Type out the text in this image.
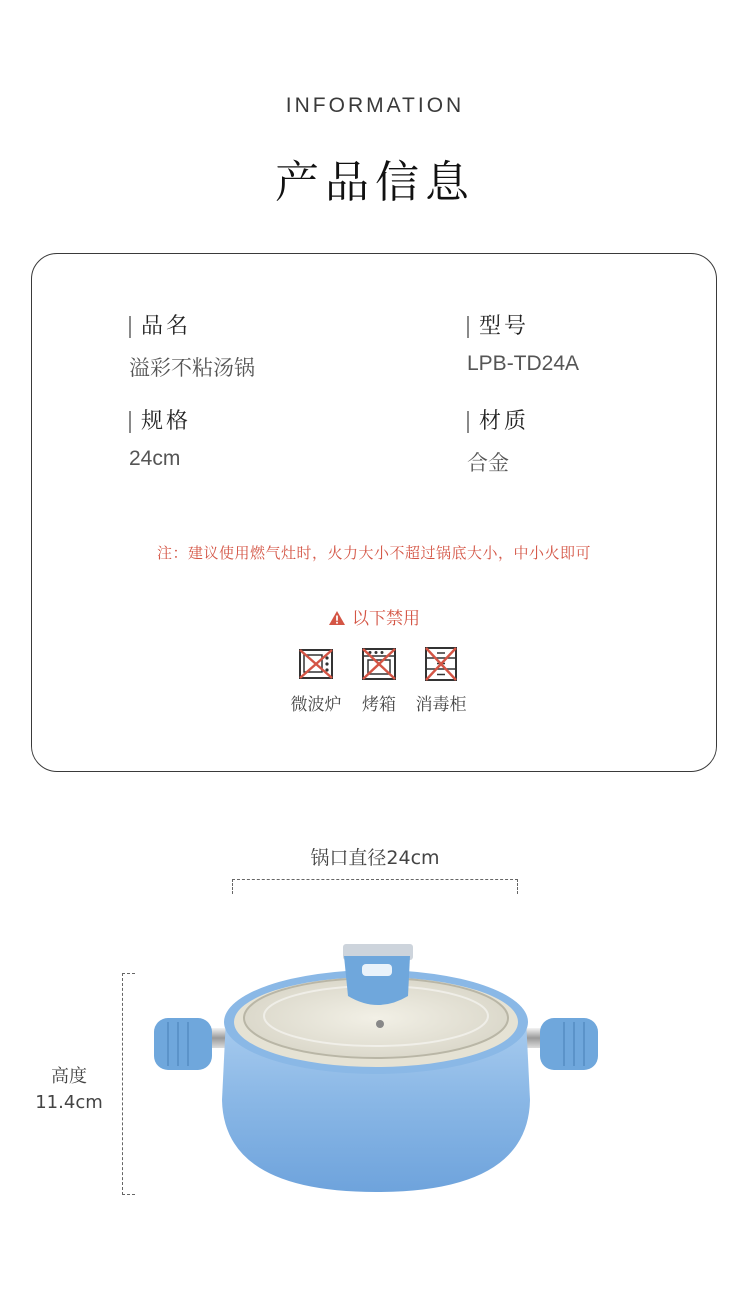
INFORMATION
产品信息
品名
溢彩不粘汤锅
型号
LPB-TD24A
规格
24cm
材质
合金
注：建议使用燃气灶时，火力大小不超过锅底大小，中小火即可
以下禁用
微波炉	烤箱	消毒柜
锅口直径24cm
高度
11.4cm
